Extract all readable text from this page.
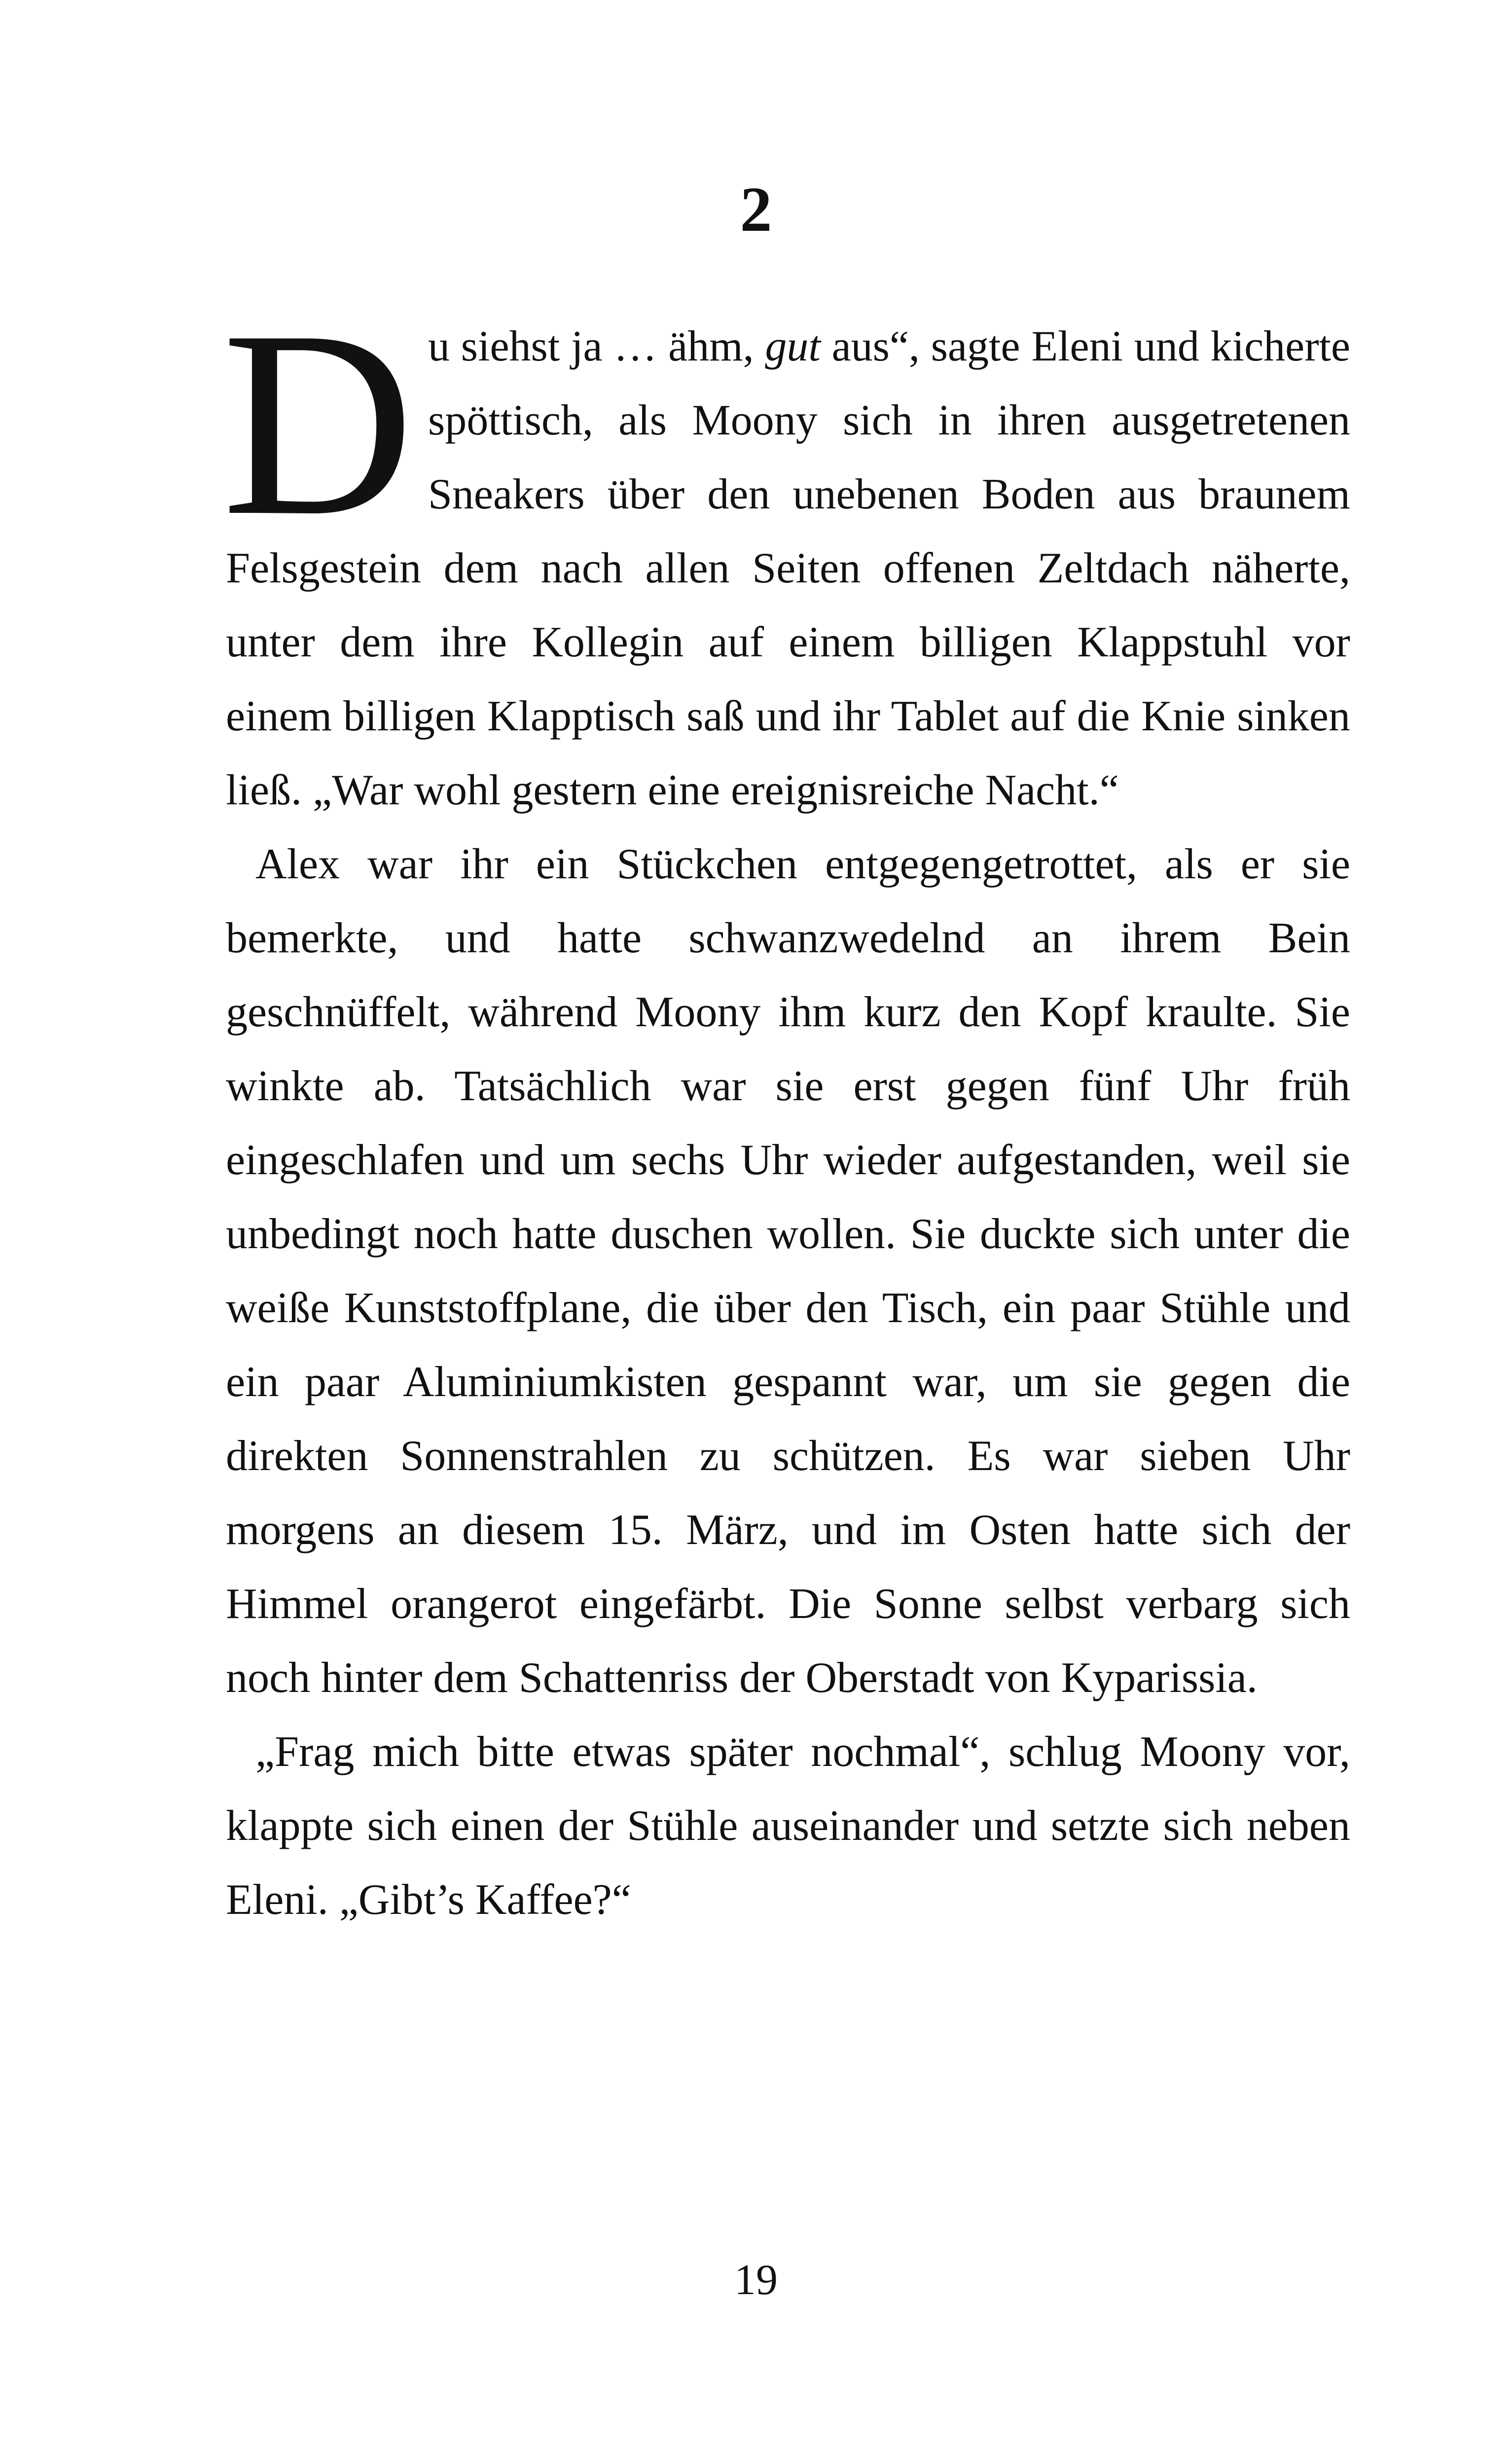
2

Du siehst ja … ähm, gut aus“, sagte Eleni und kicherte spöttisch, als Moony sich in ihren ausgetretenen Sneakers über den unebenen Boden aus braunem Felsgestein dem nach allen Seiten offenen Zeltdach näherte, unter dem ihre Kollegin auf einem billigen Klappstuhl vor einem billigen Klapptisch saß und ihr Tablet auf die Knie sinken ließ. „War wohl gestern eine ereignisreiche Nacht.“

Alex war ihr ein Stückchen entgegengetrottet, als er sie bemerkte, und hatte schwanzwedelnd an ihrem Bein geschnüffelt, während Moony ihm kurz den Kopf kraulte. Sie winkte ab. Tatsächlich war sie erst gegen fünf Uhr früh eingeschlafen und um sechs Uhr wieder aufgestanden, weil sie unbedingt noch hatte duschen wollen. Sie duckte sich unter die weiße Kunststoffplane, die über den Tisch, ein paar Stühle und ein paar Aluminiumkisten gespannt war, um sie gegen die direkten Sonnenstrahlen zu schützen. Es war sieben Uhr morgens an diesem 15. März, und im Osten hatte sich der Himmel orangerot eingefärbt. Die Sonne selbst verbarg sich noch hinter dem Schattenriss der Oberstadt von Kyparissia.

„Frag mich bitte etwas später nochmal“, schlug Moony vor, klappte sich einen der Stühle auseinander und setzte sich neben Eleni. „Gibt’s Kaffee?“

19
